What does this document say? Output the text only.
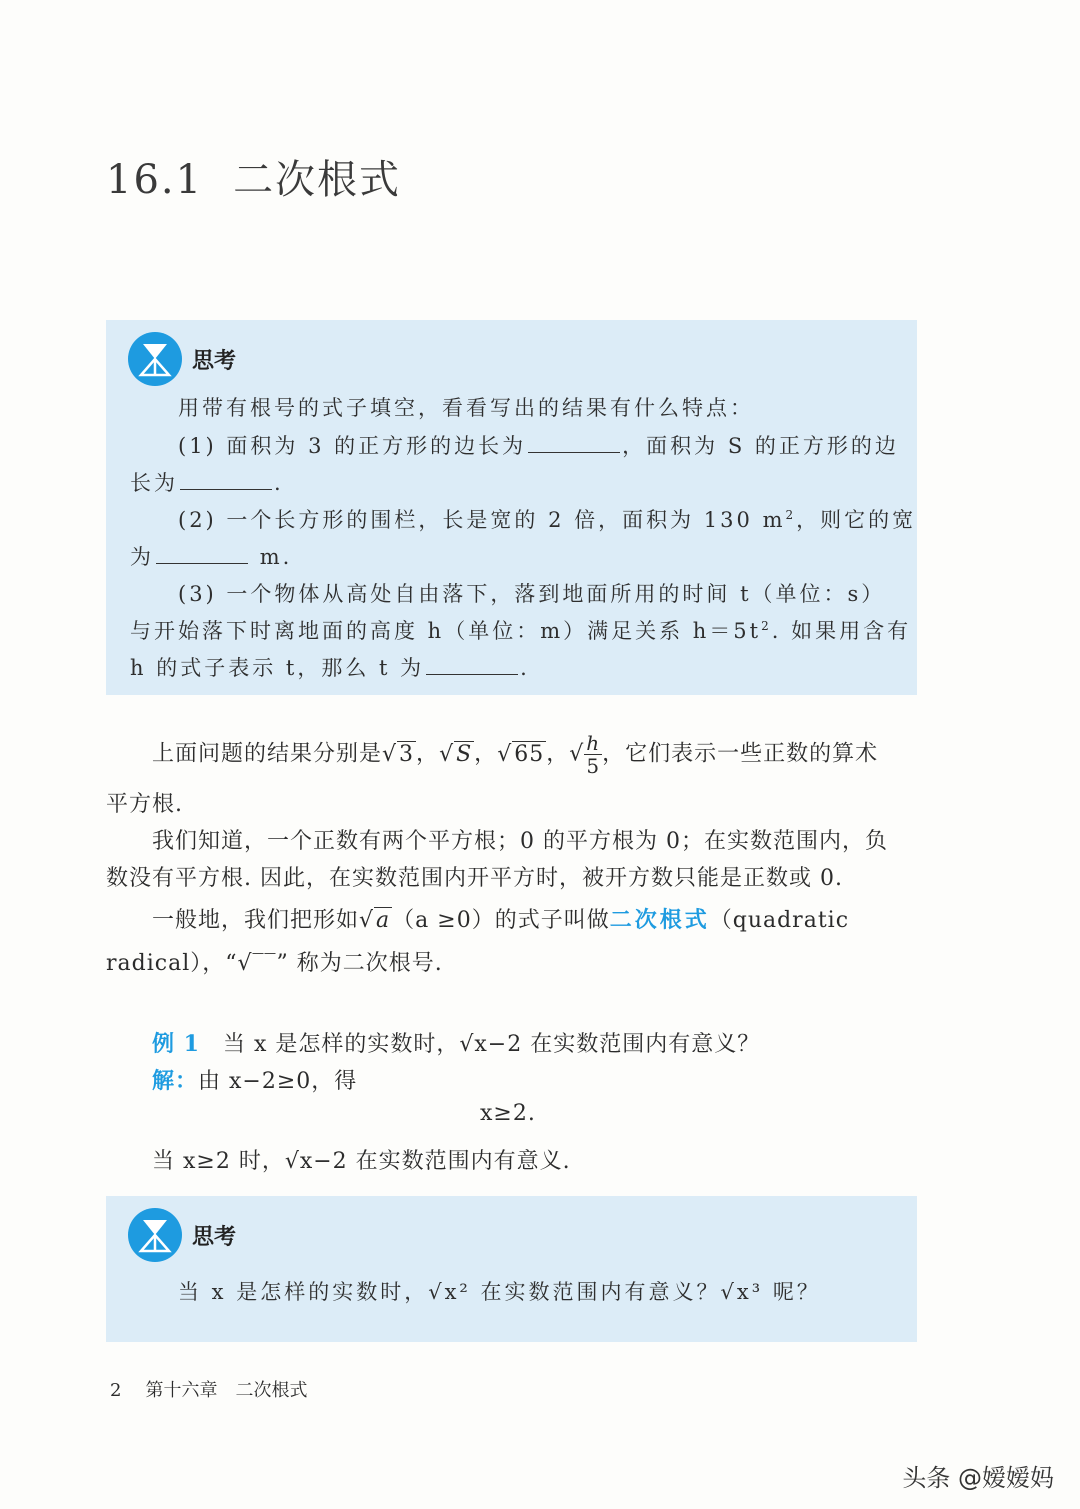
16.1 二次根式
思考
用带有根号的式子填空，看看写出的结果有什么特点：
(1) 面积为 3 的正方形的边长为	，面积为 S 的正方形的边
长为	.
(2) 一个长方形的围栏，长是宽的 2 倍，面积为 130 $m^2$，则它的宽
为	m.
(3) 一个物体从高处自由落下，落到地面所用的时间 t（单位：s）
与开始落下时离地面的高度 h（单位：m）满足关系 $h=5t^2$. 如果用含有
h 的式子表示 t，那么 t 为	.
上面问题的结果分别是√3，√S，√65，√ $\frac{h}{5}$ ，它们表示一些正数的算术
平方根.
我们知道，一个正数有两个平方根；0 的平方根为 0；在实数范围内，负
数没有平方根. 因此，在实数范围内开平方时，被开方数只能是正数或 0.
一般地，我们把形如√a（a ≥0）的式子叫做二次根式（quadratic
radical），“√‾‾” 称为二次根号.
例 1　 当 x 是怎样的实数时，√x−2 在实数范围内有意义？
解：由 x−2≥0，得
x≥2.
当 x≥2 时，√x−2 在实数范围内有意义.
思考
当 x 是怎样的实数时，√x² 在实数范围内有意义？√x³ 呢？
2 第十六章　二次根式
头条 @嫒嫒妈
